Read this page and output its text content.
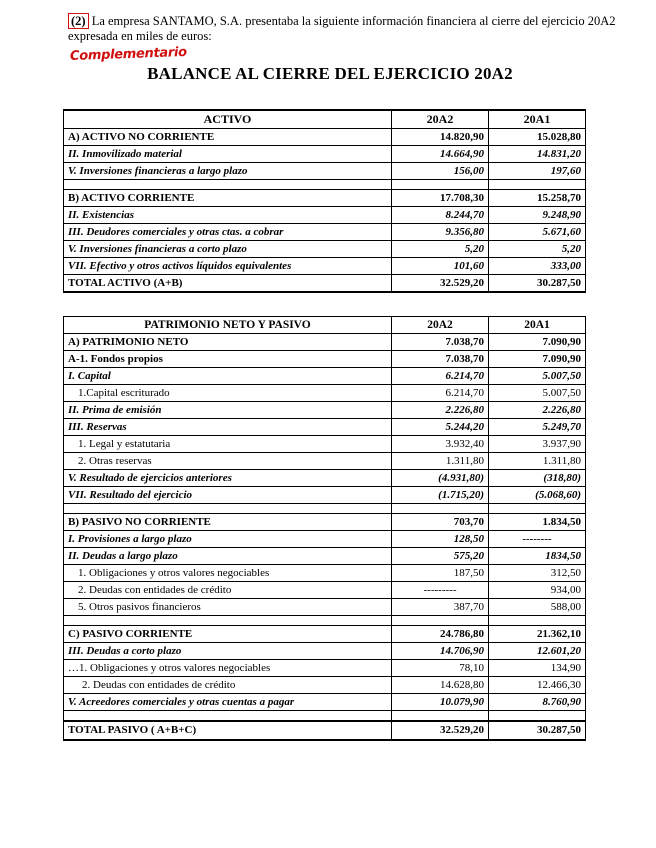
(2) La empresa SANTAMO, S.A. presentaba la siguiente información financiera al cierre del ejercicio 20A2 expresada en miles de euros:
Complementario
BALANCE AL CIERRE DEL EJERCICIO 20A2
ACTIVO	20A2	20A1
A) ACTIVO NO CORRIENTE	14.820,90	15.028,80
II. Inmovilizado material	14.664,90	14.831,20
V. Inversiones financieras a largo plazo	156,00	197,60

B) ACTIVO CORRIENTE	17.708,30	15.258,70
II. Existencias	8.244,70	9.248,90
III. Deudores comerciales y otras ctas. a cobrar	9.356,80	5.671,60
V. Inversiones financieras a corto plazo	5,20	5,20
VII. Efectivo y otros activos líquidos equivalentes	101,60	333,00
TOTAL ACTIVO (A+B)	32.529,20	30.287,50
PATRIMONIO NETO Y PASIVO	20A2	20A1
A) PATRIMONIO NETO	7.038,70	7.090,90
A-1. Fondos propios	7.038,70	7.090,90
I. Capital	6.214,70	5.007,50
1.Capital escriturado	6.214,70	5.007,50
II. Prima de emisión	2.226,80	2.226,80
III. Reservas	5.244,20	5.249,70
1. Legal y estatutaria	3.932,40	3.937,90
2. Otras reservas	1.311,80	1.311,80
V. Resultado de ejercicios anteriores	(4.931,80)	(318,80)
VII. Resultado del ejercicio	(1.715,20)	(5.068,60)

B) PASIVO NO CORRIENTE	703,70	1.834,50
I. Provisiones a largo plazo	128,50	--------
II. Deudas a largo plazo	575,20	1834,50
1. Obligaciones y otros valores negociables	187,50	312,50
2. Deudas con entidades de crédito	---------	934,00
5. Otros pasivos financieros	387,70	588,00

C) PASIVO CORRIENTE	24.786,80	21.362,10
III. Deudas a corto plazo	14.706,90	12.601,20
…1. Obligaciones y otros valores negociables	78,10	134,90
2. Deudas con entidades de crédito	14.628,80	12.466,30
V. Acreedores comerciales y otras cuentas a pagar	10.079,90	8.760,90

TOTAL PASIVO ( A+B+C)	32.529,20	30.287,50
